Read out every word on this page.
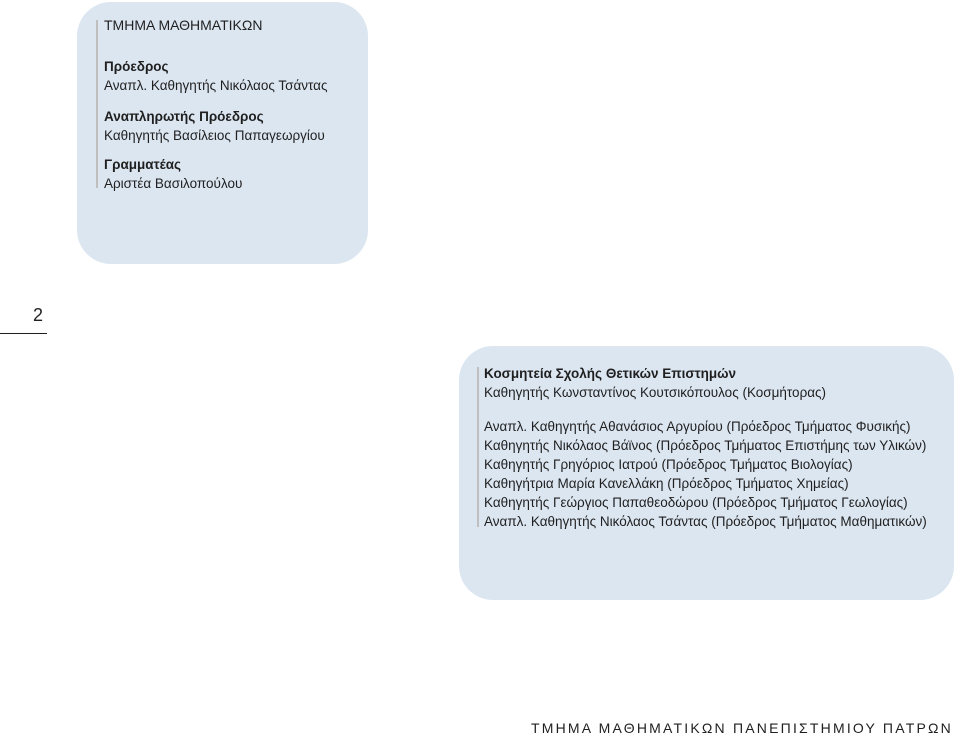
ΤΜΗΜΑ ΜΑΘΗΜΑΤΙΚΩΝ
Πρόεδρος
Αναπλ. Καθηγητής Νικόλαος Τσάντας
Αναπληρωτής Πρόεδρος
Καθηγητής Βασίλειος Παπαγεωργίου
Γραμματέας
Αριστέα Βασιλοπούλου
2
Κοσμητεία Σχολής Θετικών Επιστημών
Καθηγητής Κωνσταντίνος Κουτσικόπουλος (Κοσμήτορας)
Αναπλ. Καθηγητής Αθανάσιος Αργυρίου (Πρόεδρος Τμήματος Φυσικής)
Καθηγητής Νικόλαος Βάϊνος (Πρόεδρος Τμήματος Επιστήμης των Υλικών)
Καθηγητής Γρηγόριος Ιατρού (Πρόεδρος Τμήματος Βιολογίας)
Καθηγήτρια Μαρία Κανελλάκη (Πρόεδρος Τμήματος Χημείας)
Καθηγητής Γεώργιος Παπαθεοδώρου (Πρόεδρος Τμήματος Γεωλογίας)
Αναπλ. Καθηγητής Νικόλαος Τσάντας (Πρόεδρος Τμήματος Μαθηματικών)
ΤΜΗΜΑ ΜΑΘΗΜΑΤΙΚΩΝ ΠΑΝΕΠΙΣΤΗΜΙΟΥ ΠΑΤΡΩΝ
